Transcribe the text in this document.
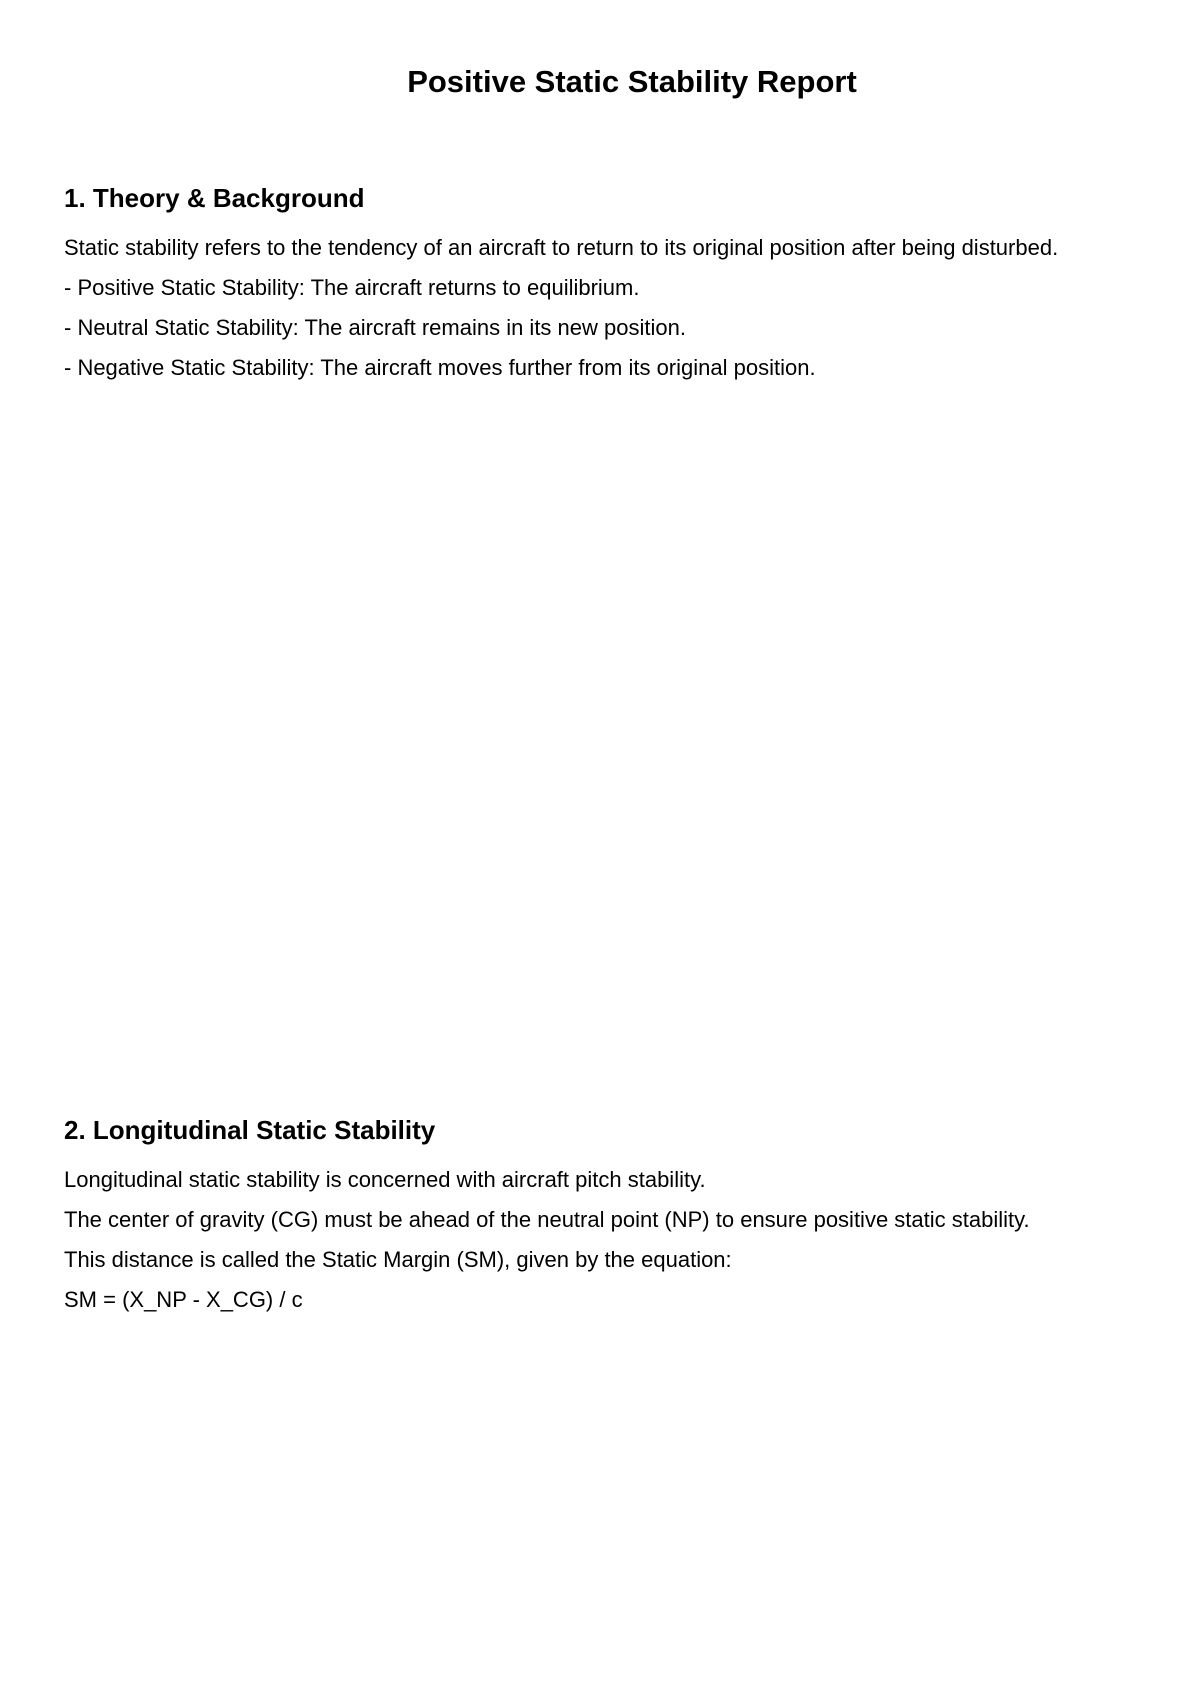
Positive Static Stability Report
1. Theory & Background

Static stability refers to the tendency of an aircraft to return to its original position after being disturbed.

- Positive Static Stability: The aircraft returns to equilibrium.

- Neutral Static Stability: The aircraft remains in its new position.

- Negative Static Stability: The aircraft moves further from its original position.

2. Longitudinal Static Stability

Longitudinal static stability is concerned with aircraft pitch stability.

The center of gravity (CG) must be ahead of the neutral point (NP) to ensure positive static stability.

This distance is called the Static Margin (SM), given by the equation:

SM = (X_NP - X_CG) / c
